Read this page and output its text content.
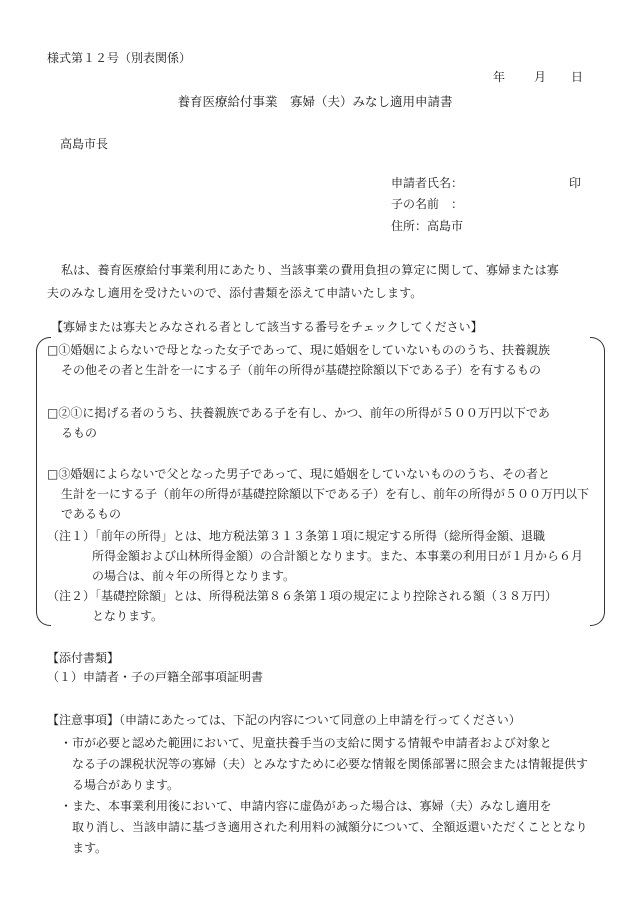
様式第１２号（別表関係）
年 月 日
養育医療給付事業　寡婦（夫）みなし適用申請書
高島市長
申請者氏名：	印
子の名前　：
住所：高島市
私は、養育医療給付事業利用にあたり、当該事業の費用負担の算定に関して、寡婦または寡
夫のみなし適用を受けたいので、添付書類を添えて申請いたします。
【寡婦または寡夫とみなされる者として該当する番号をチェックしてください】
□①婚姻によらないで母となった女子であって、現に婚姻をしていないもののうち、扶養親族
その他その者と生計を一にする子（前年の所得が基礎控除額以下である子）を有するもの
□②①に掲げる者のうち、扶養親族である子を有し、かつ、前年の所得が５００万円以下であ
るもの
□③婚姻によらないで父となった男子であって、現に婚姻をしていないもののうち、その者と
生計を一にする子（前年の所得が基礎控除額以下である子）を有し、前年の所得が５００万円以下であるもの
（注１）「前年の所得」とは、地方税法第３１３条第１項に規定する所得（総所得金額、退職
所得金額および山林所得金額）の合計額となります。また、本事業の利用日が１月から６月の場合は、前々年の所得となります。
（注２）「基礎控除額」とは、所得税法第８６条第１項の規定により控除される額（３８万円）
となります。
【添付書類】
（１）申請者・子の戸籍全部事項証明書
【注意事項】（申請にあたっては、下記の内容について同意の上申請を行ってください）
・市が必要と認めた範囲において、児童扶養手当の支給に関する情報や申請者および対象と
なる子の課税状況等の寡婦（夫）とみなすために必要な情報を関係部署に照会または情報提供する場合があります。
・また、本事業利用後において、申請内容に虚偽があった場合は、寡婦（夫）みなし適用を
取り消し、当該申請に基づき適用された利用料の減額分について、全額返還いただくこととなります。
